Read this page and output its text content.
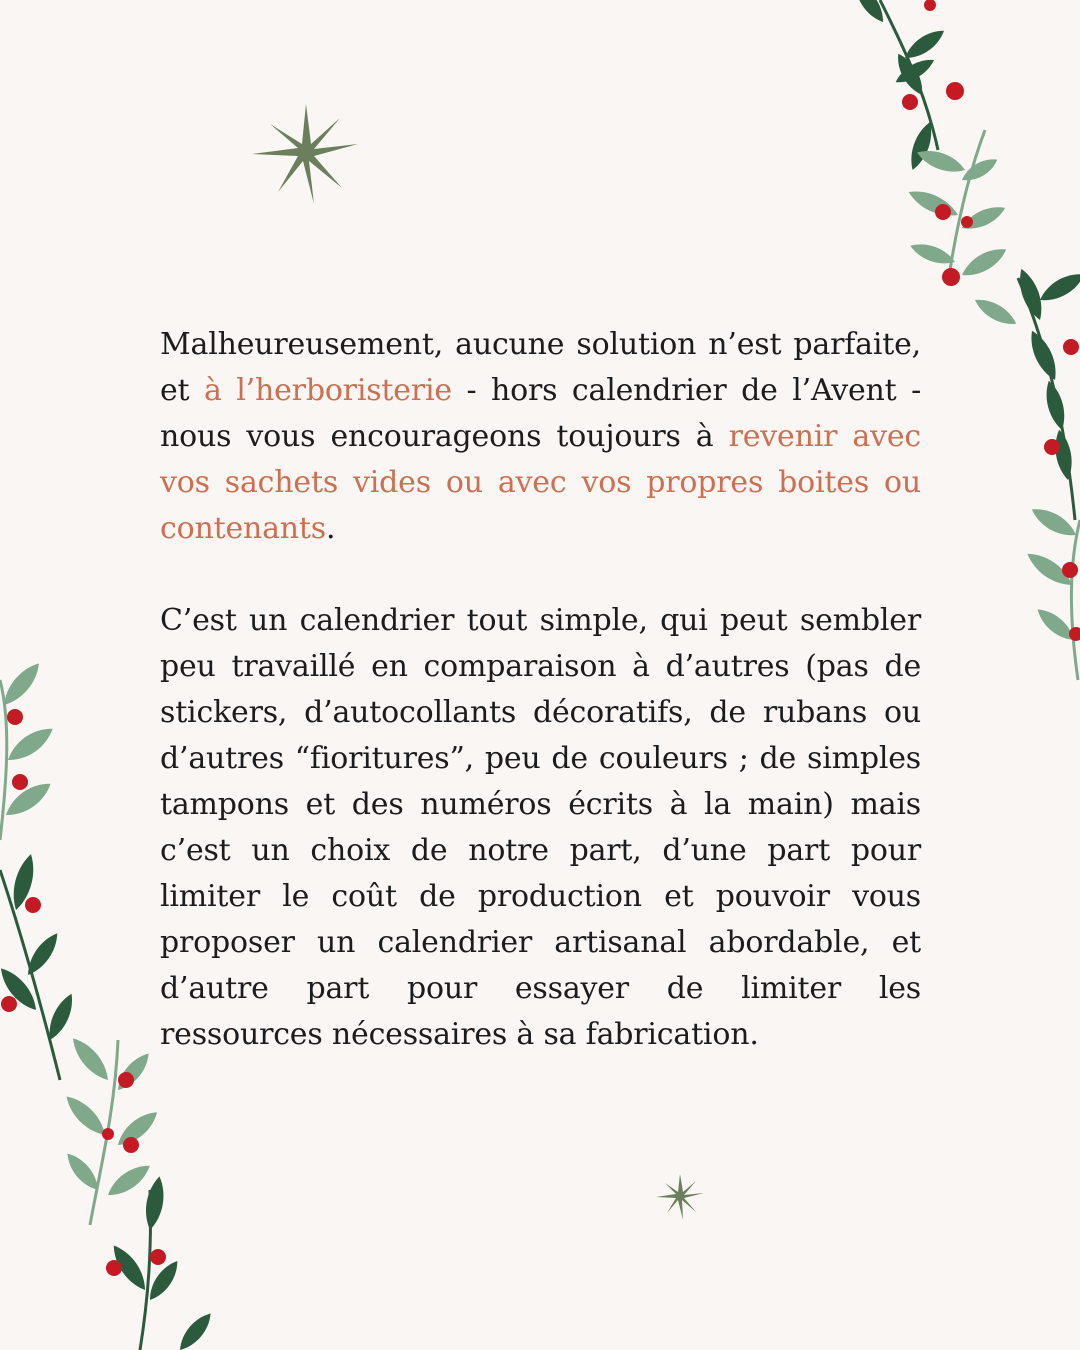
Malheureusement, aucune solution n’est parfaite, et à l’herboristerie - hors calendrier de l’Avent - nous vous encourageons toujours à revenir avec vos sachets vides ou avec vos propres boites ou contenants.

C’est un calendrier tout simple, qui peut sembler peu travaillé en comparaison à d’autres (pas de stickers, d’autocollants décoratifs, de rubans ou d’autres “fioritures”, peu de couleurs ; de simples tampons et des numéros écrits à la main) mais c’est un choix de notre part, d’une part pour limiter le coût de production et pouvoir vous proposer un calendrier artisanal abordable, et d’autre part pour essayer de limiter les ressources nécessaires à sa fabrication.
